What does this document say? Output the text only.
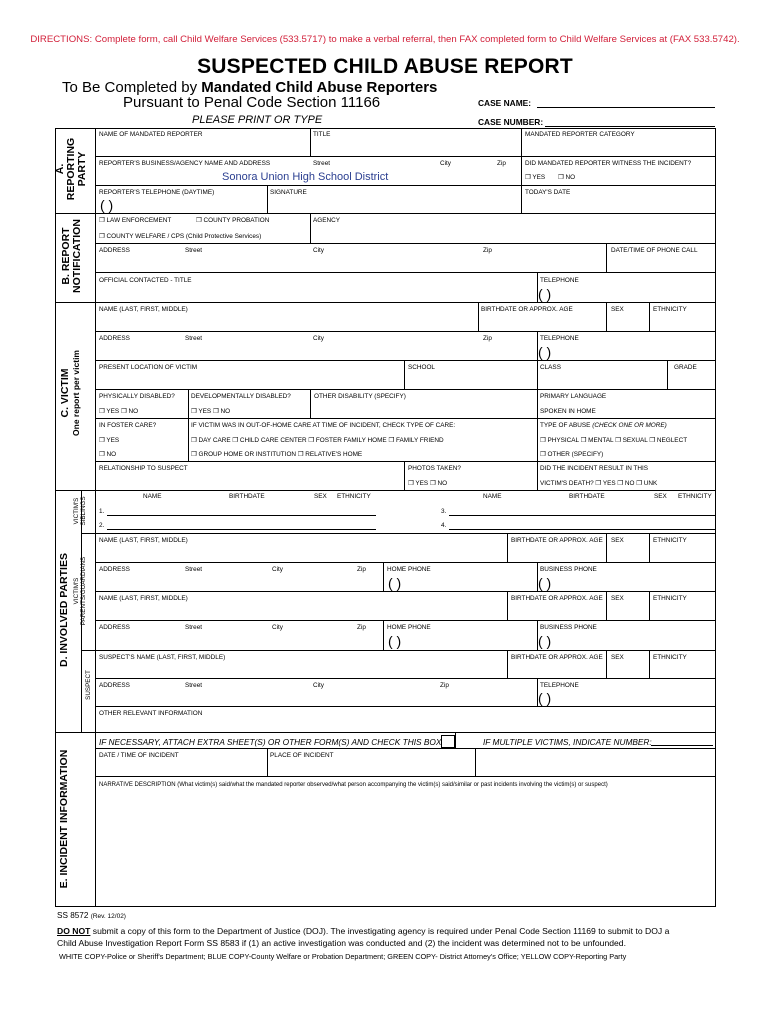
DIRECTIONS: Complete form, call Child Welfare Services (533.5717) to make a verbal referral, then FAX completed form to Child Welfare Services at (FAX 533.5742).
SUSPECTED CHILD ABUSE REPORT
To Be Completed by Mandated Child Abuse Reporters
Pursuant to Penal Code Section 11166
PLEASE PRINT OR TYPE
CASE NAME:
CASE NUMBER:
A. REPORTING PARTY
B. REPORT NOTIFICATION
C. VICTIM One report per victim
D. INVOLVED PARTIES
E. INCIDENT INFORMATION
VICTIM'S SIBLINGS
VICTIM'S PARENTS/GUARDIANS
SUSPECT
NAME OF MANDATED REPORTER	TITLE	MANDATED REPORTER CATEGORY
REPORTER'S BUSINESS/AGENCY NAME AND ADDRESS	Street	City	Zip	DID MANDATED REPORTER WITNESS THE INCIDENT?
Sonora Union High School District	❐ YES ❐ NO
REPORTER'S TELEPHONE (DAYTIME)	SIGNATURE	TODAY'S DATE
( )
❐ LAW ENFORCEMENT	❐ COUNTY PROBATION	AGENCY
❐ COUNTY WELFARE / CPS (Child Protective Services)
ADDRESS	Street	City	Zip	DATE/TIME OF PHONE CALL
OFFICIAL CONTACTED - TITLE	TELEPHONE
( )
NAME (LAST, FIRST, MIDDLE)	BIRTHDATE OR APPROX. AGE	SEX	ETHNICITY
ADDRESS	Street	City	Zip	TELEPHONE
( )
PRESENT LOCATION OF VICTIM	SCHOOL	CLASS	GRADE
PHYSICALLY DISABLED?	DEVELOPMENTALLY DISABLED?	OTHER DISABILITY (SPECIFY)	PRIMARY LANGUAGE
❐ YES ❐ NO	❐ YES ❐ NO	SPOKEN IN HOME
IN FOSTER CARE?	IF VICTIM WAS IN OUT-OF-HOME CARE AT TIME OF INCIDENT, CHECK TYPE OF CARE:	TYPE OF ABUSE (CHECK ONE OR MORE)
❐ YES	❐ DAY CARE ❐ CHILD CARE CENTER ❐ FOSTER FAMILY HOME ❐ FAMILY FRIEND	❐ PHYSICAL ❐ MENTAL ❐ SEXUAL ❐ NEGLECT
❐ NO	❐ GROUP HOME OR INSTITUTION ❐ RELATIVE'S HOME	❐ OTHER (SPECIFY)
RELATIONSHIP TO SUSPECT	PHOTOS TAKEN?	DID THE INCIDENT RESULT IN THIS
❐ YES ❐ NO	VICTIM'S DEATH? ❐ YES ❐ NO ❐ UNK
NAME	BIRTHDATE	SEX ETHNICITY	NAME	BIRTHDATE	SEX ETHNICITY
1.
2.
3.
4.
NAME (LAST, FIRST, MIDDLE)	BIRTHDATE OR APPROX. AGE SEX	ETHNICITY
ADDRESS	Street	City	Zip	HOME PHONE	BUSINESS PHONE
( )	( )
NAME (LAST, FIRST, MIDDLE)	BIRTHDATE OR APPROX. AGE SEX	ETHNICITY
ADDRESS	Street	City	Zip	HOME PHONE	BUSINESS PHONE
( )	( )
SUSPECT'S NAME (LAST, FIRST, MIDDLE)	BIRTHDATE OR APPROX. AGE SEX	ETHNICITY
ADDRESS	Street	City	Zip	TELEPHONE
( )
OTHER RELEVANT INFORMATION
IF NECESSARY, ATTACH EXTRA SHEET(S) OR OTHER FORM(S) AND CHECK THIS BOX	IF MULTIPLE VICTIMS, INDICATE NUMBER:
DATE / TIME OF INCIDENT	PLACE OF INCIDENT
NARRATIVE DESCRIPTION (What victim(s) said/what the mandated reporter observed/what person accompanying the victim(s) said/similar or past incidents involving the victim(s) or suspect)
SS 8572 (Rev. 12/02)
DO NOT submit a copy of this form to the Department of Justice (DOJ). The investigating agency is required under Penal Code Section 11169 to submit to DOJ a
Child Abuse Investigation Report Form SS 8583 if (1) an active investigation was conducted and (2) the incident was determined not to be unfounded.
WHITE COPY-Police or Sheriff's Department; BLUE COPY-County Welfare or Probation Department; GREEN COPY- District Attorney's Office; YELLOW COPY-Reporting Party
